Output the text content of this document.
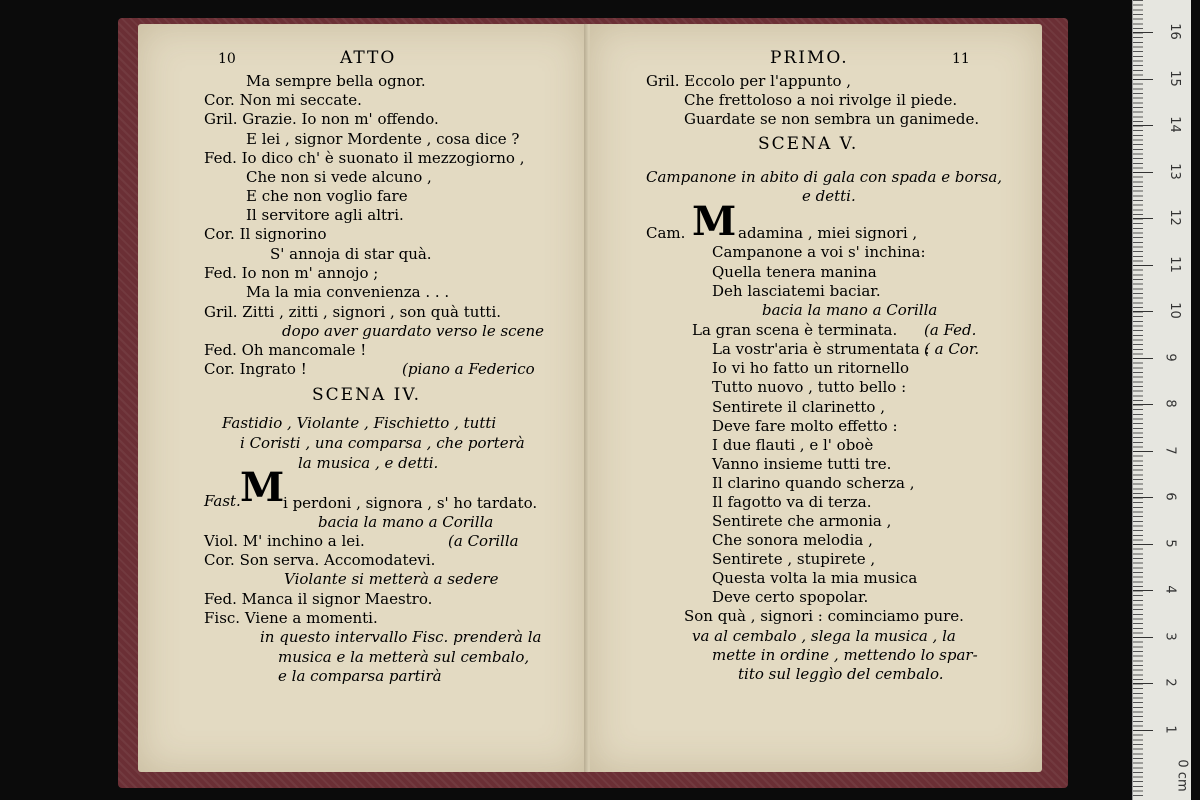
10	ATTO
Ma sempre bella ognor.
Cor. Non mi seccate.
Gril. Grazie. Io non m' offendo.
E lei , signor Mordente , cosa dice ?
Fed. Io dico ch' è suonato il mezzogiorno ,
Che non si vede alcuno ,
E che non voglio fare
Il servitore agli altri.
Cor. Il signorino
S' annoja di star quà.
Fed. Io non m' annojo ;
Ma la mia convenienza . . .
Gril. Zitti , zitti , signori , son quà tutti.
dopo aver guardato verso le scene
Fed. Oh mancomale !
Cor. Ingrato !	(piano a Federico
SCENA IV.
Fastidio , Violante , Fischietto , tutti
i Coristi , una comparsa , che porterà
la musica , e detti.
Fast. M
i perdoni , signora , s' ho tardato.
bacia la mano a Corilla
Viol. M' inchino a lei.	(a Corilla
Cor. Son serva. Accomodatevi.
Violante si metterà a sedere
Fed. Manca il signor Maestro.
Fisc. Viene a momenti.
in questo intervallo Fisc. prenderà la
musica e la metterà sul cembalo,
e la comparsa partirà
PRIMO.	11
Gril. Eccolo per l'appunto ,
Che frettoloso a noi rivolge il piede.
Guardate se non sembra un ganimede.
SCENA V.
Campanone in abito di gala con spada e borsa,
e detti.
Cam. M adamina , miei signori ,
Campanone a voi s' inchina:
Quella tenera manina
Deh lasciatemi baciar.
bacia la mano a Corilla
La gran scena è terminata. (a Fed.
La vostr'aria è strumentata :
( a Cor.
Io vi ho fatto un ritornello
Tutto nuovo , tutto bello :
Sentirete il clarinetto ,
Deve fare molto effetto :
I due flauti , e l' oboè
Vanno insieme tutti tre.
Il clarino quando scherza ,
Il fagotto va di terza.
Sentirete che armonia ,
Che sonora melodia ,
Sentirete , stupirete ,
Questa volta la mia musica
Deve certo spopolar.
Son quà , signori : cominciamo pure.
va al cembalo , slega la musica , la
mette in ordine , mettendo lo spar-
tito sul leggìo del cembalo.
1
2
3
4
5
6
7
8
9
10
11
12
13
14
15
16
0 cm
